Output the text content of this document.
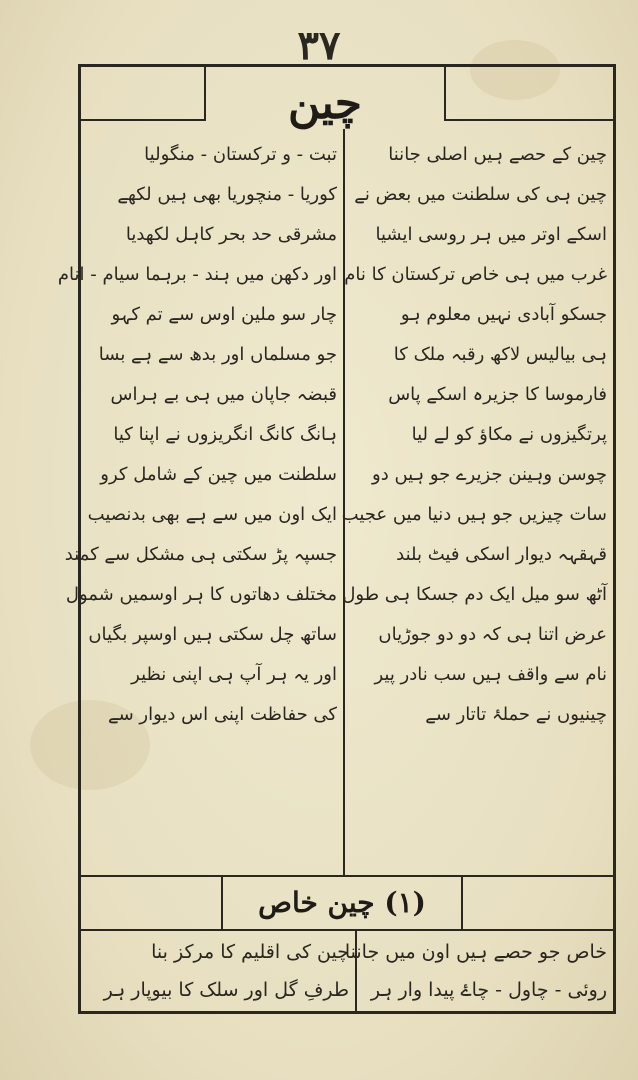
۳۷
چین
چین کے حصے ہیں اصلی جاننا
چین ہی کی سلطنت میں بعض نے
اسکے اوتر میں ہر روسی ایشیا
غرب میں ہی خاص ترکستان کا نام
جسکو آبادی نہیں معلوم ہو
ہی بیالیس لاکھ رقبہ ملک کا
فارموسا کا جزیرہ اسکے پاس
پرتگیزوں نے مکاؤ کو لے لیا
چوسن وہینن جزیرے جو ہیں دو
سات چیزیں جو ہیں دنیا میں عجیب
قہقہہ دیوار اسکی فیٹ بلند
آٹھ سو میل ایک دم جسکا ہی طول
عرض اتنا ہی کہ دو دو جوڑیاں
نام سے واقف ہیں سب نادر پیر
چینیوں نے حملۂ تاتار سے
تبت - و ترکستان - منگولیا
کوریا - منچوریا بھی ہیں لکھے
مشرقی حد بحر کاہل لکھدیا
اور دکھن میں ہند - برہما سیام - انام
چار سو ملین اوس سے تم کہو
جو مسلماں اور بدھ سے ہے بسا
قبضہ جاپان میں ہی بے ہراس
ہانگ کانگ انگریزوں نے اپنا کیا
سلطنت میں چین کے شامل کرو
ایک اون میں سے ہے بھی بدنصیب
جسپہ پڑ سکتی ہی مشکل سے کمند
مختلف دھاتوں کا ہر اوسمیں شمول
ساتھ چل سکتی ہیں اوسپر بگیاں
اور یہ ہر آپ ہی اپنی نظیر
کی حفاظت اپنی اس دیوار سے
(۱) چین خاص
خاص جو حصے ہیں اون میں جاننا
روئی - چاول - چاۓ پیدا وار ہر
چین کی اقلیم کا مرکز بنا
طرفِ گل اور سلک کا بیوپار ہر
